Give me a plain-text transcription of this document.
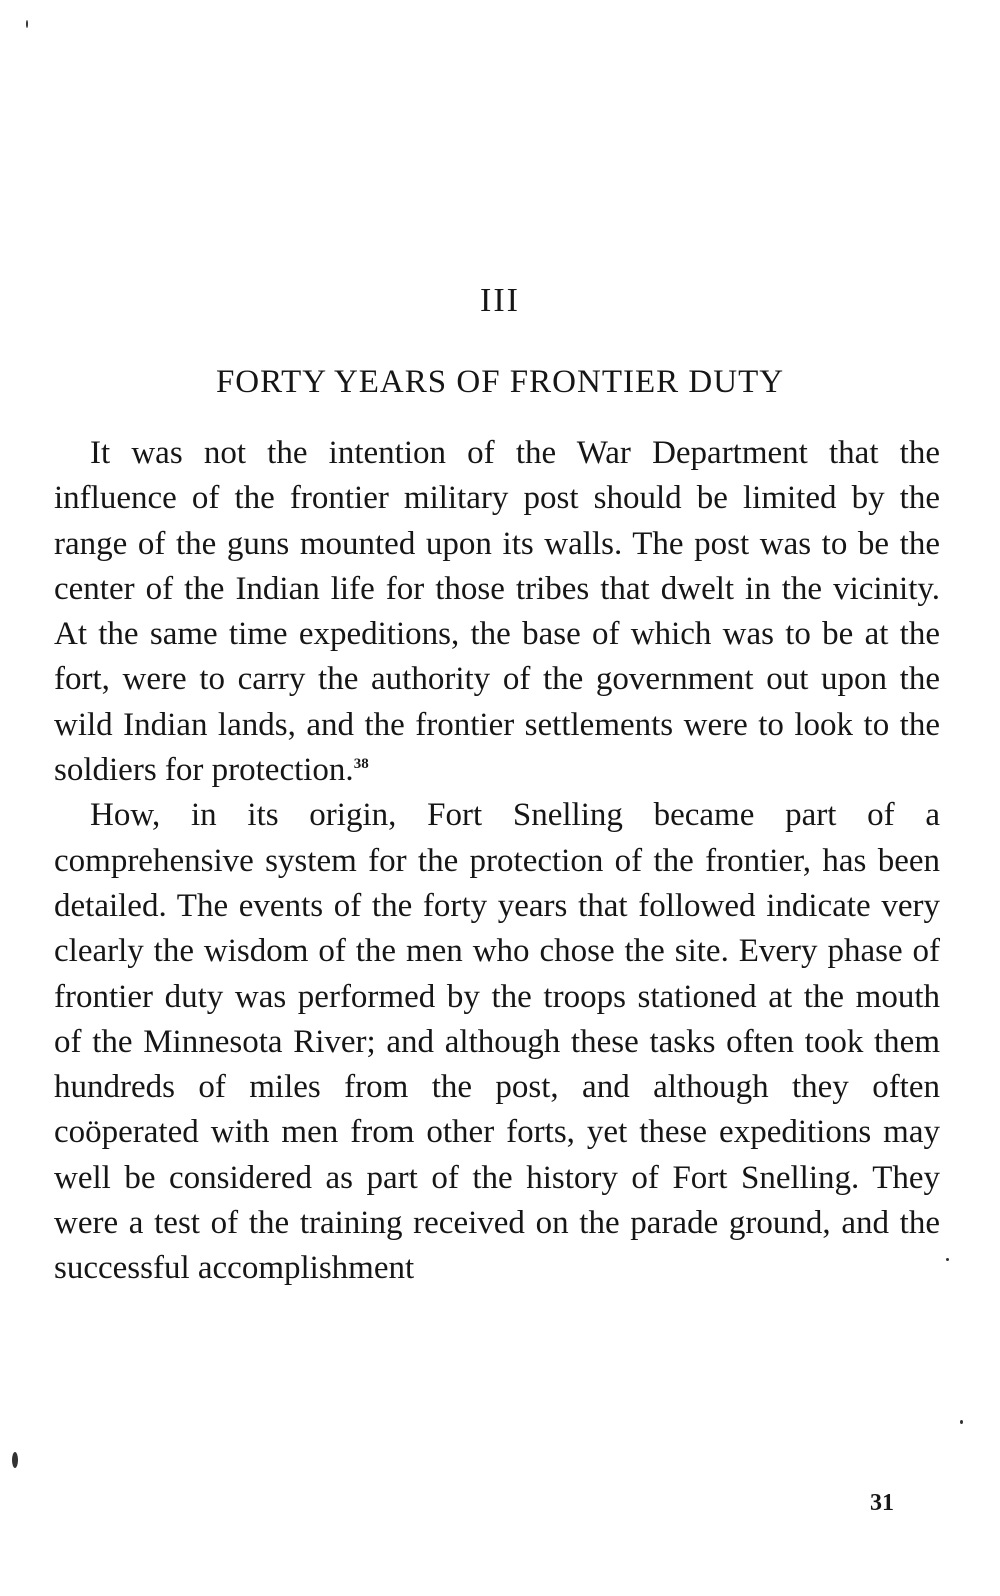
III
FORTY YEARS OF FRONTIER DUTY

It was not the intention of the War Department that the influence of the frontier military post should be limited by the range of the guns mounted upon its walls. The post was to be the center of the Indian life for those tribes that dwelt in the vicinity. At the same time expeditions, the base of which was to be at the fort, were to carry the authority of the government out upon the wild Indian lands, and the frontier settlements were to look to the soldiers for protection.$^{38}$

How, in its origin, Fort Snelling became part of a comprehensive system for the protection of the frontier, has been detailed. The events of the forty years that followed indicate very clearly the wisdom of the men who chose the site. Every phase of frontier duty was performed by the troops stationed at the mouth of the Minnesota River; and although these tasks often took them hundreds of miles from the post, and although they often coöperated with men from other forts, yet these expeditions may well be considered as part of the history of Fort Snelling. They were a test of the training received on the parade ground, and the successful accomplishment

31
